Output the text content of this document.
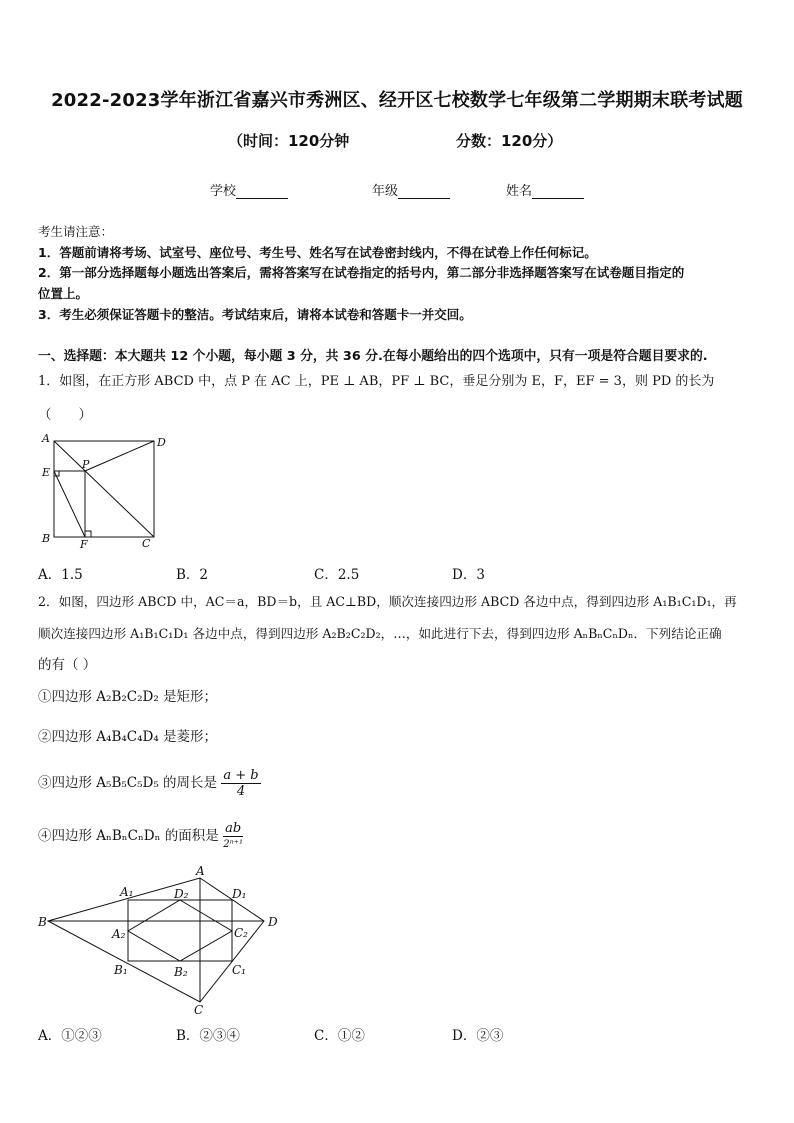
2022-2023学年浙江省嘉兴市秀洲区、经开区七校数学七年级第二学期期末联考试题
（时间：120分钟	分数：120分）
学校	年级	姓名
考生请注意：
1．答题前请将考场、试室号、座位号、考生号、姓名写在试卷密封线内，不得在试卷上作任何标记。
2．第一部分选择题每小题选出答案后，需将答案写在试卷指定的括号内，第二部分非选择题答案写在试卷题目指定的
位置上。
3．考生必须保证答题卡的整洁。考试结束后，请将本试卷和答题卡一并交回。
一、选择题：本大题共 12 个小题，每小题 3 分，共 36 分.在每小题给出的四个选项中，只有一项是符合题目要求的.
1．如图，在正方形 ABCD 中，点 P 在 AC 上，PE ⊥ AB，PF ⊥ BC，垂足分别为 E，F，EF = 3，则 PD 的长为
（　　）
A	D
E
P
B	F	C
A．1.5	B．2	C．2.5	D．3
2．如图，四边形 ABCD 中，AC＝a，BD＝b，且 AC⊥BD，顺次连接四边形 ABCD 各边中点，得到四边形 A₁B₁C₁D₁，再
顺次连接四边形 A₁B₁C₁D₁ 各边中点，得到四边形 A₂B₂C₂D₂，…，如此进行下去，得到四边形 AₙBₙCₙDₙ．下列结论正确
的有（ ）
①四边形 A₂B₂C₂D₂ 是矩形；
②四边形 A₄B₄C₄D₄ 是菱形；
③四边形 A₅B₅C₅D₅ 的周长是 $\frac{a + b}{4}$
④四边形 AₙBₙCₙDₙ 的面积是 $\frac{ab}{\text{2ⁿ⁺¹}}$
B
A
D
C
A₁	D₂	D₁
A₂	C₂
B₁	B₂	C₁
A．①②③	B．②③④	C．①②	D．②③
